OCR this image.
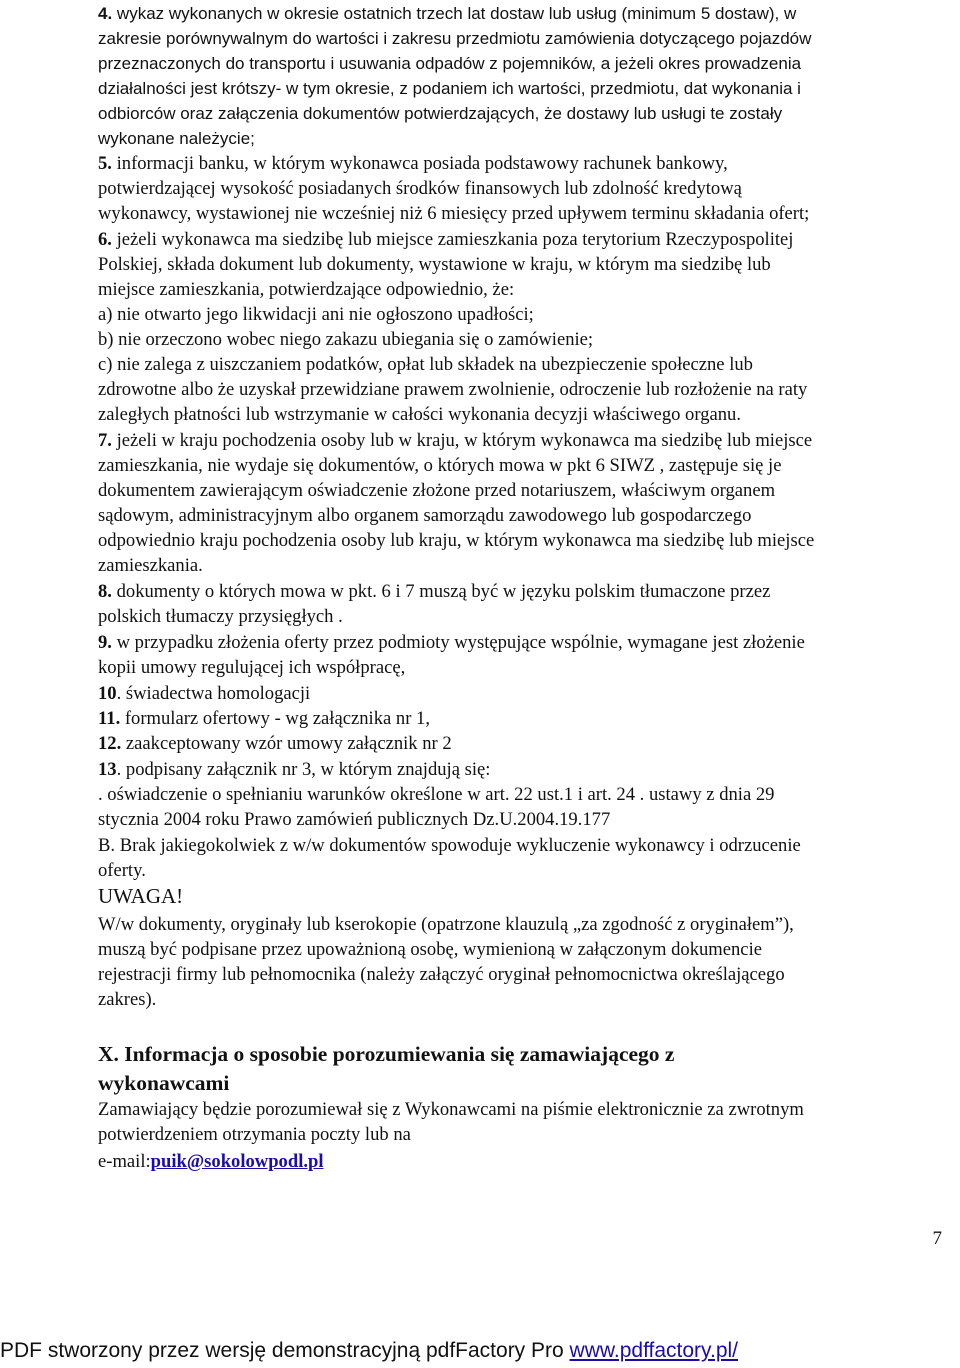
4. wykaz wykonanych w okresie ostatnich trzech lat dostaw lub usług (minimum 5 dostaw), w
zakresie porównywalnym do wartości i zakresu przedmiotu zamówienia dotyczącego pojazdów
przeznaczonych do transportu i usuwania odpadów z pojemników, a jeżeli okres prowadzenia
działalności jest krótszy- w tym okresie, z podaniem ich wartości, przedmiotu, dat wykonania i
odbiorców oraz załączenia dokumentów potwierdzających, że dostawy lub usługi te zostały
wykonane należycie;
5. informacji banku, w którym wykonawca posiada podstawowy rachunek bankowy,
potwierdzającej wysokość posiadanych środków finansowych lub zdolność kredytową
wykonawcy, wystawionej nie wcześniej niż 6 miesięcy przed upływem terminu składania ofert;
6. jeżeli wykonawca ma siedzibę lub miejsce zamieszkania poza terytorium Rzeczypospolitej
Polskiej, składa dokument lub dokumenty, wystawione w kraju, w którym ma siedzibę lub
miejsce zamieszkania, potwierdzające odpowiednio, że:
a) nie otwarto jego likwidacji ani nie ogłoszono upadłości;
b) nie orzeczono wobec niego zakazu ubiegania się o zamówienie;
c) nie zalega z uiszczaniem podatków, opłat lub składek na ubezpieczenie społeczne lub
zdrowotne albo że uzyskał przewidziane prawem zwolnienie, odroczenie lub rozłożenie na raty
zaległych płatności lub wstrzymanie w całości wykonania decyzji właściwego organu.
7. jeżeli w kraju pochodzenia osoby lub w kraju, w którym wykonawca ma siedzibę lub miejsce
zamieszkania, nie wydaje się dokumentów, o których mowa w pkt 6 SIWZ , zastępuje się je
dokumentem zawierającym oświadczenie złożone przed notariuszem, właściwym organem
sądowym, administracyjnym albo organem samorządu zawodowego lub gospodarczego
odpowiednio kraju pochodzenia osoby lub kraju, w którym wykonawca ma siedzibę lub miejsce
zamieszkania.
8. dokumenty o których mowa w pkt. 6 i 7 muszą być w języku polskim tłumaczone przez
polskich tłumaczy przysięgłych .
9. w przypadku złożenia oferty przez podmioty występujące wspólnie, wymagane jest złożenie
kopii umowy regulującej ich współpracę,
10. świadectwa homologacji
11. formularz ofertowy - wg załącznika nr 1,
12. zaakceptowany wzór umowy załącznik nr 2
13. podpisany załącznik nr 3, w którym znajdują się:
. oświadczenie o spełnianiu warunków określone w art. 22 ust.1 i art. 24 . ustawy z dnia 29
stycznia 2004 roku Prawo zamówień publicznych Dz.U.2004.19.177
B. Brak jakiegokolwiek z w/w dokumentów spowoduje wykluczenie wykonawcy i odrzucenie
oferty.
UWAGA!
W/w dokumenty, oryginały lub kserokopie (opatrzone klauzulą „za zgodność z oryginałem”),
muszą być podpisane przez upoważnioną osobę, wymienioną w załączonym dokumencie
rejestracji firmy lub pełnomocnika (należy załączyć oryginał pełnomocnictwa określającego
zakres).
X. Informacja o sposobie porozumiewania się zamawiającego z
wykonawcami
Zamawiający będzie porozumiewał się z Wykonawcami na piśmie elektronicznie za zwrotnym
potwierdzeniem otrzymania poczty lub na
e-mail:puik@sokolowpodl.pl
7
PDF stworzony przez wersję demonstracyjną pdfFactory Pro www.pdffactory.pl/
